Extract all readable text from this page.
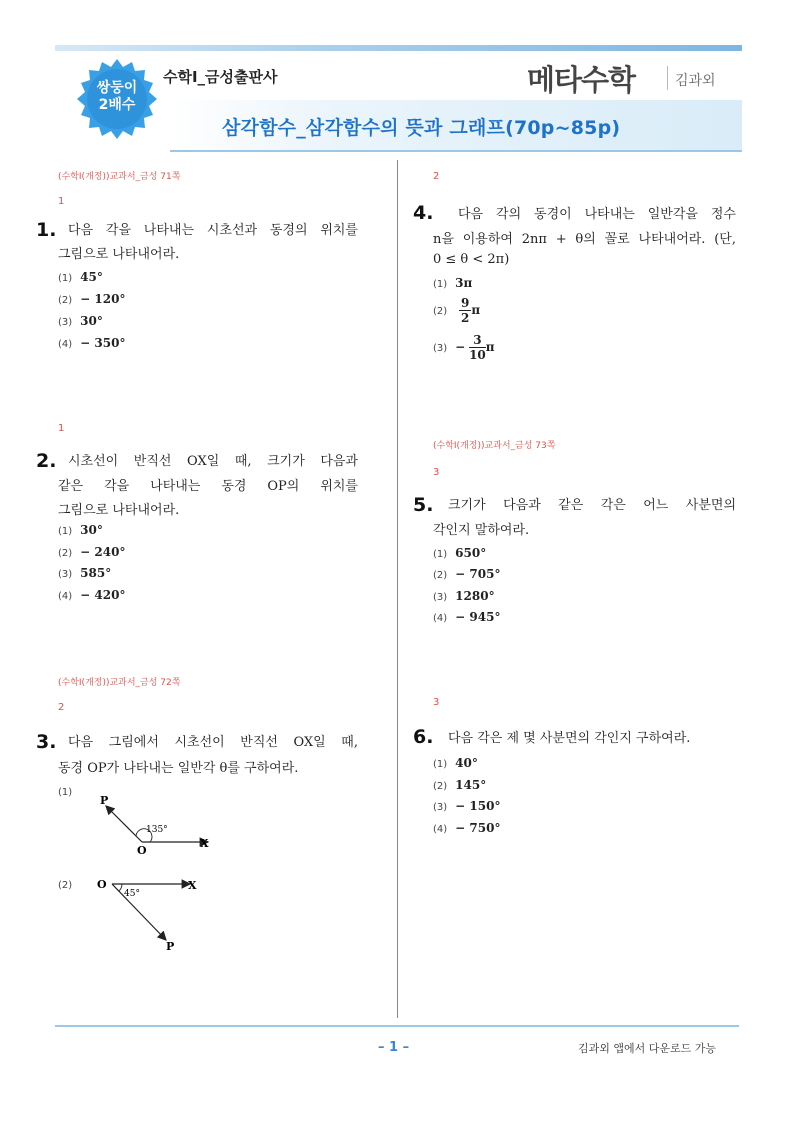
쌍둥이
2배수
수학Ⅰ_금성출판사
삼각함수_삼각함수의 뜻과 그래프(70p~85p)
메타수학	김과외
(수학I(개정))교과서_금성 71쪽
1
1. 다음 각을 나타내는 시초선과 동경의 위치를
그림으로 나타내어라.
(1) 45°
(2) − 120°
(3) 30°
(4) − 350°
1
2. 시초선이 반직선 OX일 때, 크기가 다음과
같은 각을 나타내는 동경 OP의 위치를
그림으로 나타내어라.
(1) 30°
(2) − 240°
(3) 585°
(4) − 420°
(수학I(개정))교과서_금성 72쪽
2
3. 다음 그림에서 시초선이 반직선 OX일 때,
동경 OP가 나타내는 일반각 θ를 구하여라.
(1)
P
O
X
135°
(2)	O	X
P
45°
2
4. 다음 각의 동경이 나타내는 일반각을 정수
n을 이용하여 2nπ + θ의 꼴로 나타내어라. (단,
0 ≤ θ < 2π)
(1) 3π
$(2) \frac{9}{2}$ π
$(3) - \frac{3}{10}$ π
(수학I(개정))교과서_금성 73쪽
3
5. 크기가 다음과 같은 각은 어느 사분면의
각인지 말하여라.
(1) 650°
(2) − 705°
(3) 1280°
(4) − 945°
3
6. 다음 각은 제 몇 사분면의 각인지 구하여라.
(1) 40°
(2) 145°
(3) − 150°
(4) − 750°
– 1 –	김과외 앱에서 다운로드 가능
